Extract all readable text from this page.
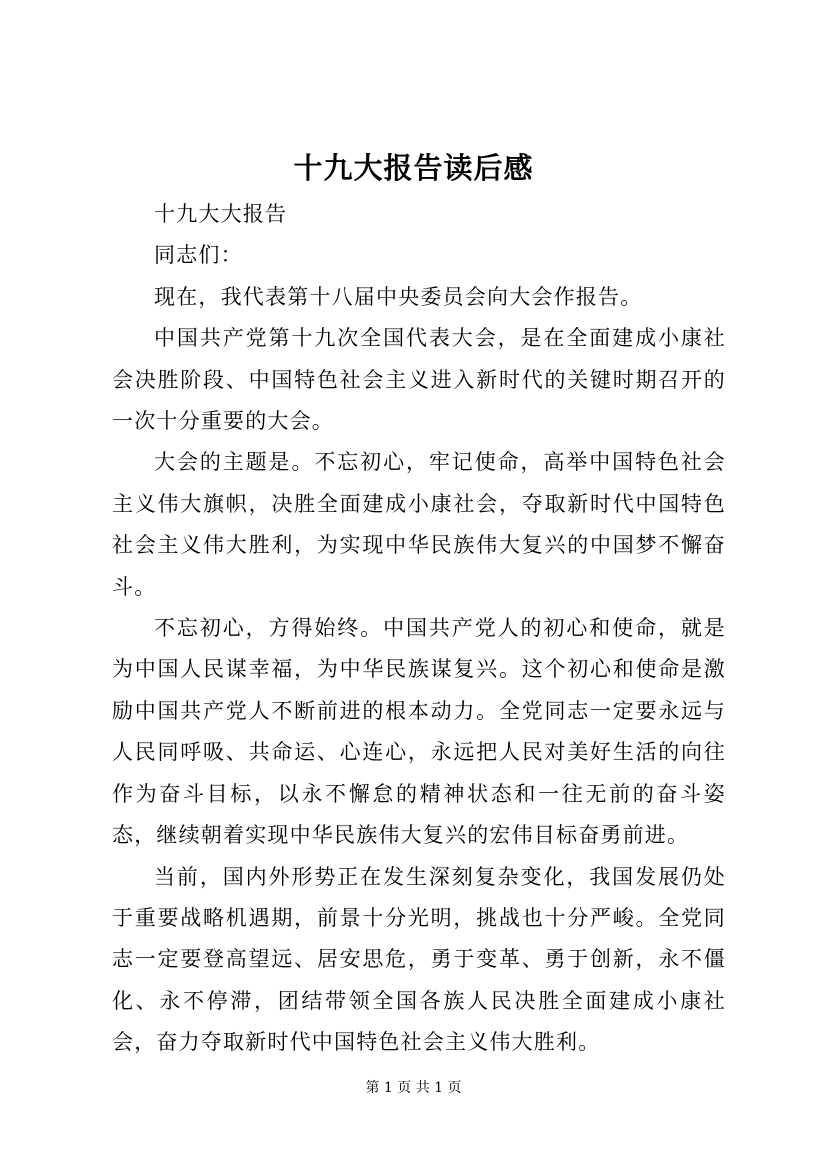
十九大报告读后感

十九大大报告

同志们：

现在，我代表第十八届中央委员会向大会作报告。

中国共产党第十九次全国代表大会，是在全面建成小康社会决胜阶段、中国特色社会主义进入新时代的关键时期召开的一次十分重要的大会。

大会的主题是。不忘初心，牢记使命，高举中国特色社会主义伟大旗帜，决胜全面建成小康社会，夺取新时代中国特色社会主义伟大胜利，为实现中华民族伟大复兴的中国梦不懈奋斗。

不忘初心，方得始终。中国共产党人的初心和使命，就是为中国人民谋幸福，为中华民族谋复兴。这个初心和使命是激励中国共产党人不断前进的根本动力。全党同志一定要永远与人民同呼吸、共命运、心连心，永远把人民对美好生活的向往作为奋斗目标，以永不懈怠的精神状态和一往无前的奋斗姿态，继续朝着实现中华民族伟大复兴的宏伟目标奋勇前进。

当前，国内外形势正在发生深刻复杂变化，我国发展仍处于重要战略机遇期，前景十分光明，挑战也十分严峻。全党同志一定要登高望远、居安思危，勇于变革、勇于创新，永不僵化、永不停滞，团结带领全国各族人民决胜全面建成小康社会，奋力夺取新时代中国特色社会主义伟大胜利。

第 1 页 共 1 页
